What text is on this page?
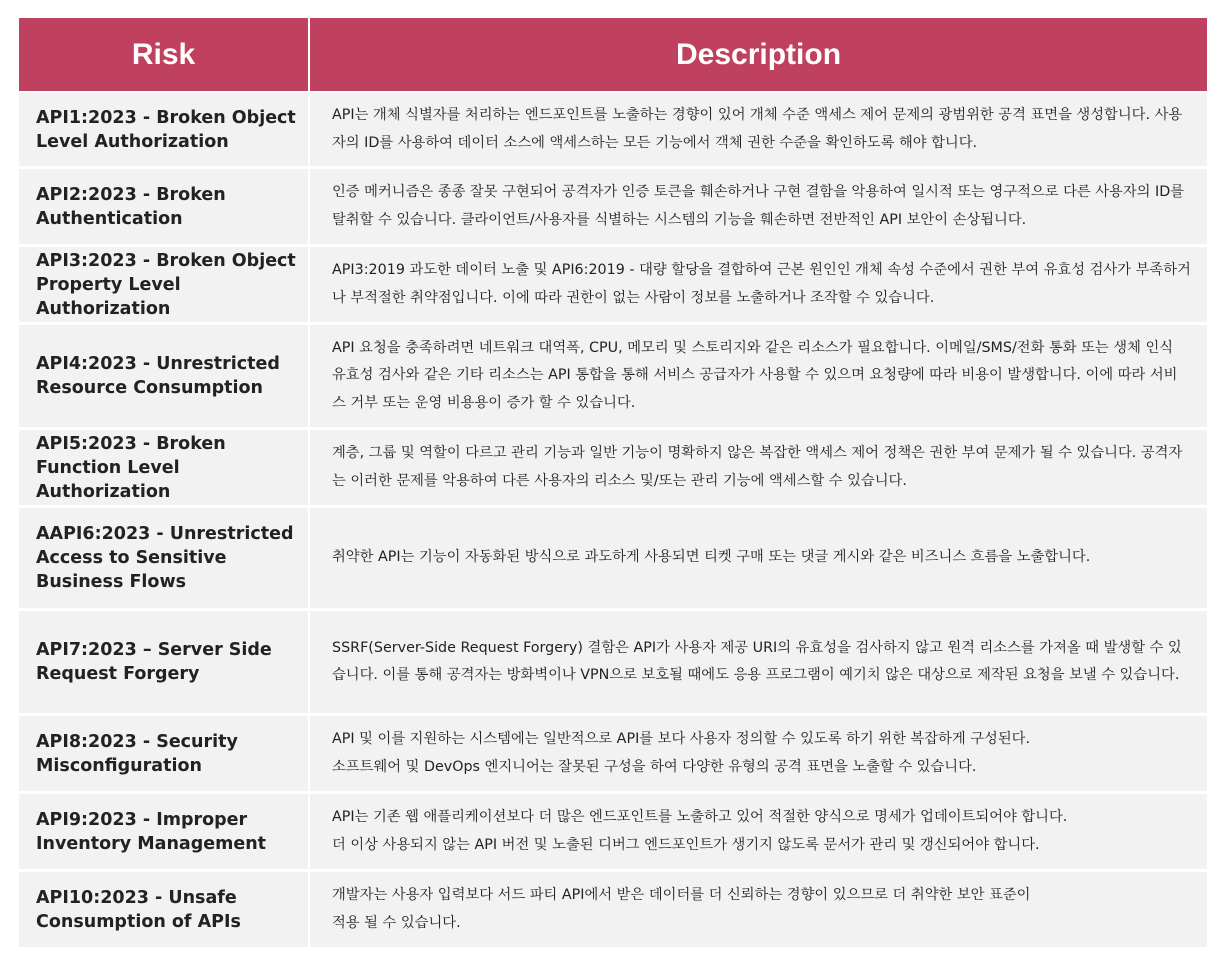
Risk	Description
API1:2023 - Broken Object Level Authorization	API는 개체 식별자를 처리하는 엔드포인트를 노출하는 경향이 있어 개체 수준 액세스 제어 문제의 광범위한 공격 표면을 생성합니다. 사용자의 ID를 사용하여 데이터 소스에 액세스하는 모든 기능에서 객체 권한 수준을 확인하도록 해야 합니다.
API2:2023 - Broken Authentication	인증 메커니즘은 종종 잘못 구현되어 공격자가 인증 토큰을 훼손하거나 구현 결함을 악용하여 일시적 또는 영구적으로 다른 사용자의 ID를 탈취할 수 있습니다. 클라이언트/사용자를 식별하는 시스템의 기능을 훼손하면 전반적인 API 보안이 손상됩니다.
API3:2023 - Broken Object Property Level Authorization	API3:2019 과도한 데이터 노출 및 API6:2019 - 대량 할당을 결합하여 근본 원인인 개체 속성 수준에서 권한 부여 유효성 검사가 부족하거나 부적절한 취약점입니다. 이에 따라 권한이 없는 사람이 정보를 노출하거나 조작할 수 있습니다.
API4:2023 - Unrestricted Resource Consumption	API 요청을 충족하려면 네트워크 대역폭, CPU, 메모리 및 스토리지와 같은 리소스가 필요합니다. 이메일/SMS/전화 통화 또는 생체 인식 유효성 검사와 같은 기타 리소스는 API 통합을 통해 서비스 공급자가 사용할 수 있으며 요청량에 따라 비용이 발생합니다. 이에 따라 서비스 거부 또는 운영 비용용이 증가 할 수 있습니다.
API5:2023 - Broken Function Level Authorization	계층, 그룹 및 역할이 다르고 관리 기능과 일반 기능이 명확하지 않은 복잡한 액세스 제어 정책은 권한 부여 문제가 될 수 있습니다. 공격자는 이러한 문제를 악용하여 다른 사용자의 리소스 및/또는 관리 기능에 액세스할 수 있습니다.
AAPI6:2023 - Unrestricted Access to Sensitive Business Flows	취약한 API는 기능이 자동화된 방식으로 과도하게 사용되면 티켓 구매 또는 댓글 게시와 같은 비즈니스 흐름을 노출합니다.
API7:2023 – Server Side Request Forgery	SSRF(Server-Side Request Forgery) 결함은 API가 사용자 제공 URI의 유효성을 검사하지 않고 원격 리소스를 가져올 때 발생할 수 있습니다. 이를 통해 공격자는 방화벽이나 VPN으로 보호될 때에도 응용 프로그램이 예기치 않은 대상으로 제작된 요청을 보낼 수 있습니다.
API8:2023 - Security Misconfiguration	API 및 이를 지원하는 시스템에는 일반적으로 API를 보다 사용자 정의할 수 있도록 하기 위한 복잡하게 구성된다.
소프트웨어 및 DevOps 엔지니어는 잘못된 구성을 하여 다양한 유형의 공격 표면을 노출할 수 있습니다.
API9:2023 - Improper Inventory Management	API는 기존 웹 애플리케이션보다 더 많은 엔드포인트를 노출하고 있어 적절한 양식으로 명세가 업데이트되어야 합니다.
더 이상 사용되지 않는 API 버전 및 노출된 디버그 엔드포인트가 생기지 않도록 문서가 관리 및 갱신되어야 합니다.
API10:2023 - Unsafe Consumption of APIs	개발자는 사용자 입력보다 서드 파티 API에서 받은 데이터를 더 신뢰하는 경향이 있으므로 더 취약한 보안 표준이
적용 될 수 있습니다.
